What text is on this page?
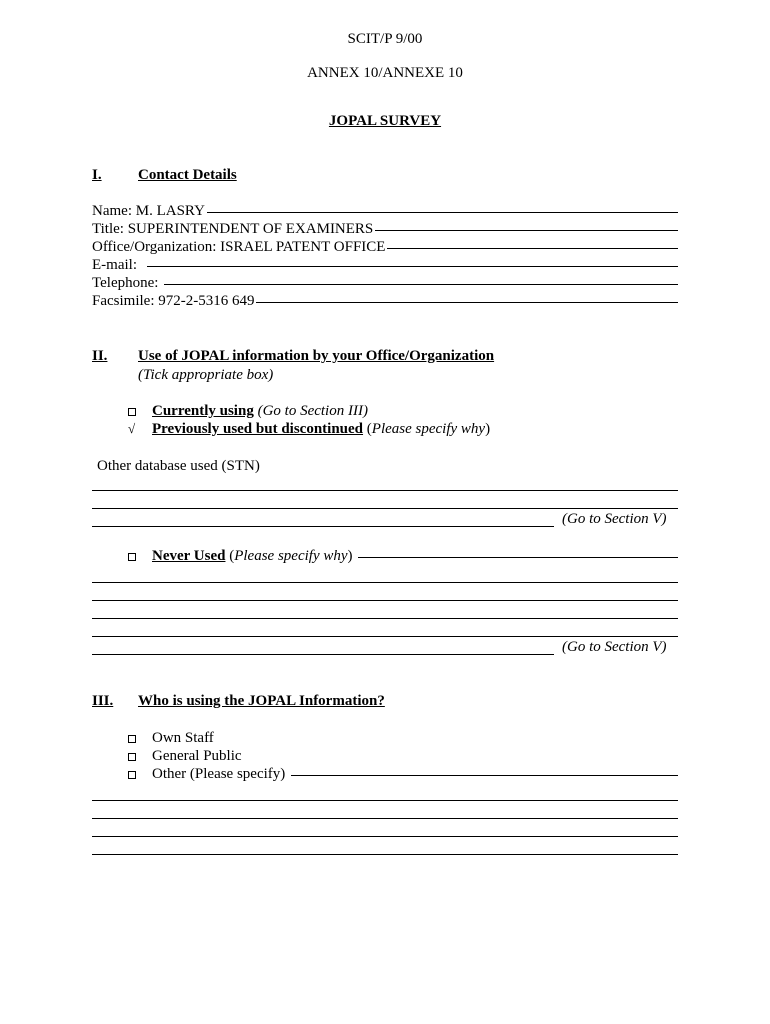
SCIT/P 9/00
ANNEX 10/ANNEXE 10
JOPAL SURVEY
I. Contact Details
Name: M. LASRY
Title: SUPERINTENDENT OF EXAMINERS
Office/Organization: ISRAEL PATENT OFFICE
E-mail:
Telephone:
Facsimile: 972-2-5316 649
II. Use of JOPAL information by your Office/Organization
(Tick appropriate box)
Currently using (Go to Section III)
√ Previously used but discontinued (Please specify why)
Other database used (STN)
(Go to Section V)
Never Used ( Please specify why )
(Go to Section V)
III. Who is using the JOPAL Information?
Own Staff
General Public
Other (Please specify)
